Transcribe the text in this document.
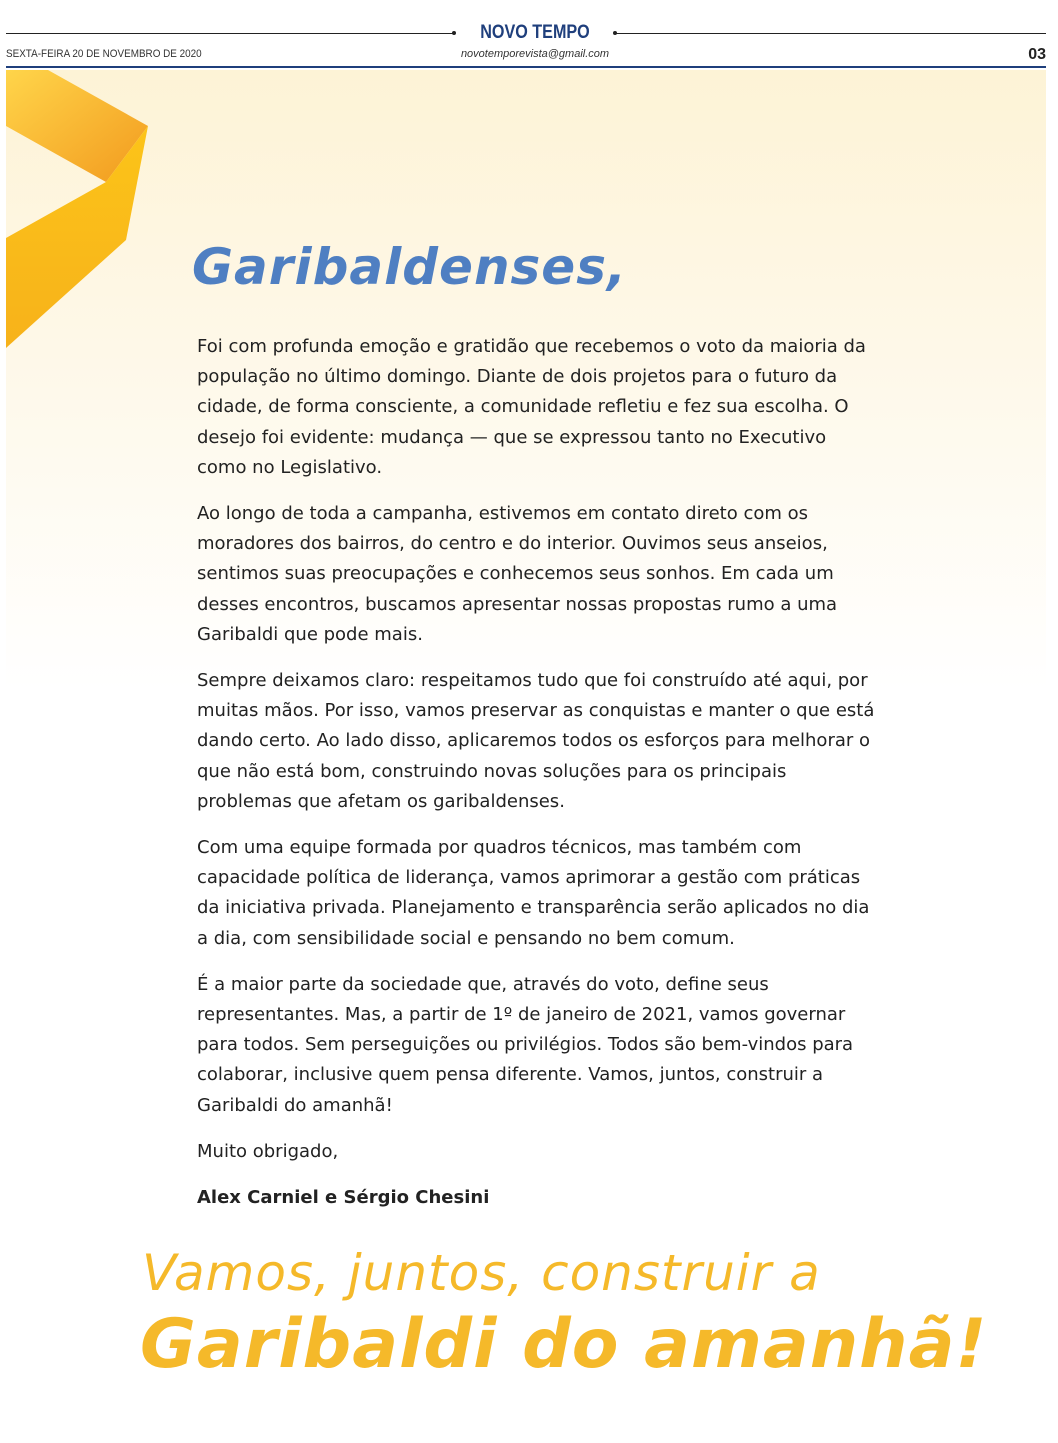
NOVO TEMPO
SEXTA-FEIRA 20 DE NOVEMBRO DE 2020	novotemporevista@gmail.com	03
Garibaldenses,

Foi com profunda emoção e gratidão que recebemos o voto da maioria da população no último domingo. Diante de dois projetos para o futuro da cidade, de forma consciente, a comunidade refletiu e fez sua escolha. O desejo foi evidente: mudança — que se expressou tanto no Executivo como no Legislativo.

Ao longo de toda a campanha, estivemos em contato direto com os moradores dos bairros, do centro e do interior. Ouvimos seus anseios, sentimos suas preocupações e conhecemos seus sonhos. Em cada um desses encontros, buscamos apresentar nossas propostas rumo a uma Garibaldi que pode mais.

Sempre deixamos claro: respeitamos tudo que foi construído até aqui, por muitas mãos. Por isso, vamos preservar as conquistas e manter o que está dando certo. Ao lado disso, aplicaremos todos os esforços para melhorar o que não está bom, construindo novas soluções para os principais problemas que afetam os garibaldenses.

Com uma equipe formada por quadros técnicos, mas também com capacidade política de liderança, vamos aprimorar a gestão com práticas da iniciativa privada. Planejamento e transparência serão aplicados no dia a dia, com sensibilidade social e pensando no bem comum.

É a maior parte da sociedade que, através do voto, define seus representantes. Mas, a partir de 1º de janeiro de 2021, vamos governar para todos. Sem perseguições ou privilégios. Todos são bem-vindos para colaborar, inclusive quem pensa diferente. Vamos, juntos, construir a Garibaldi do amanhã!

Muito obrigado,

Alex Carniel e Sérgio Chesini

Vamos, juntos, construir a
Garibaldi do amanhã!
